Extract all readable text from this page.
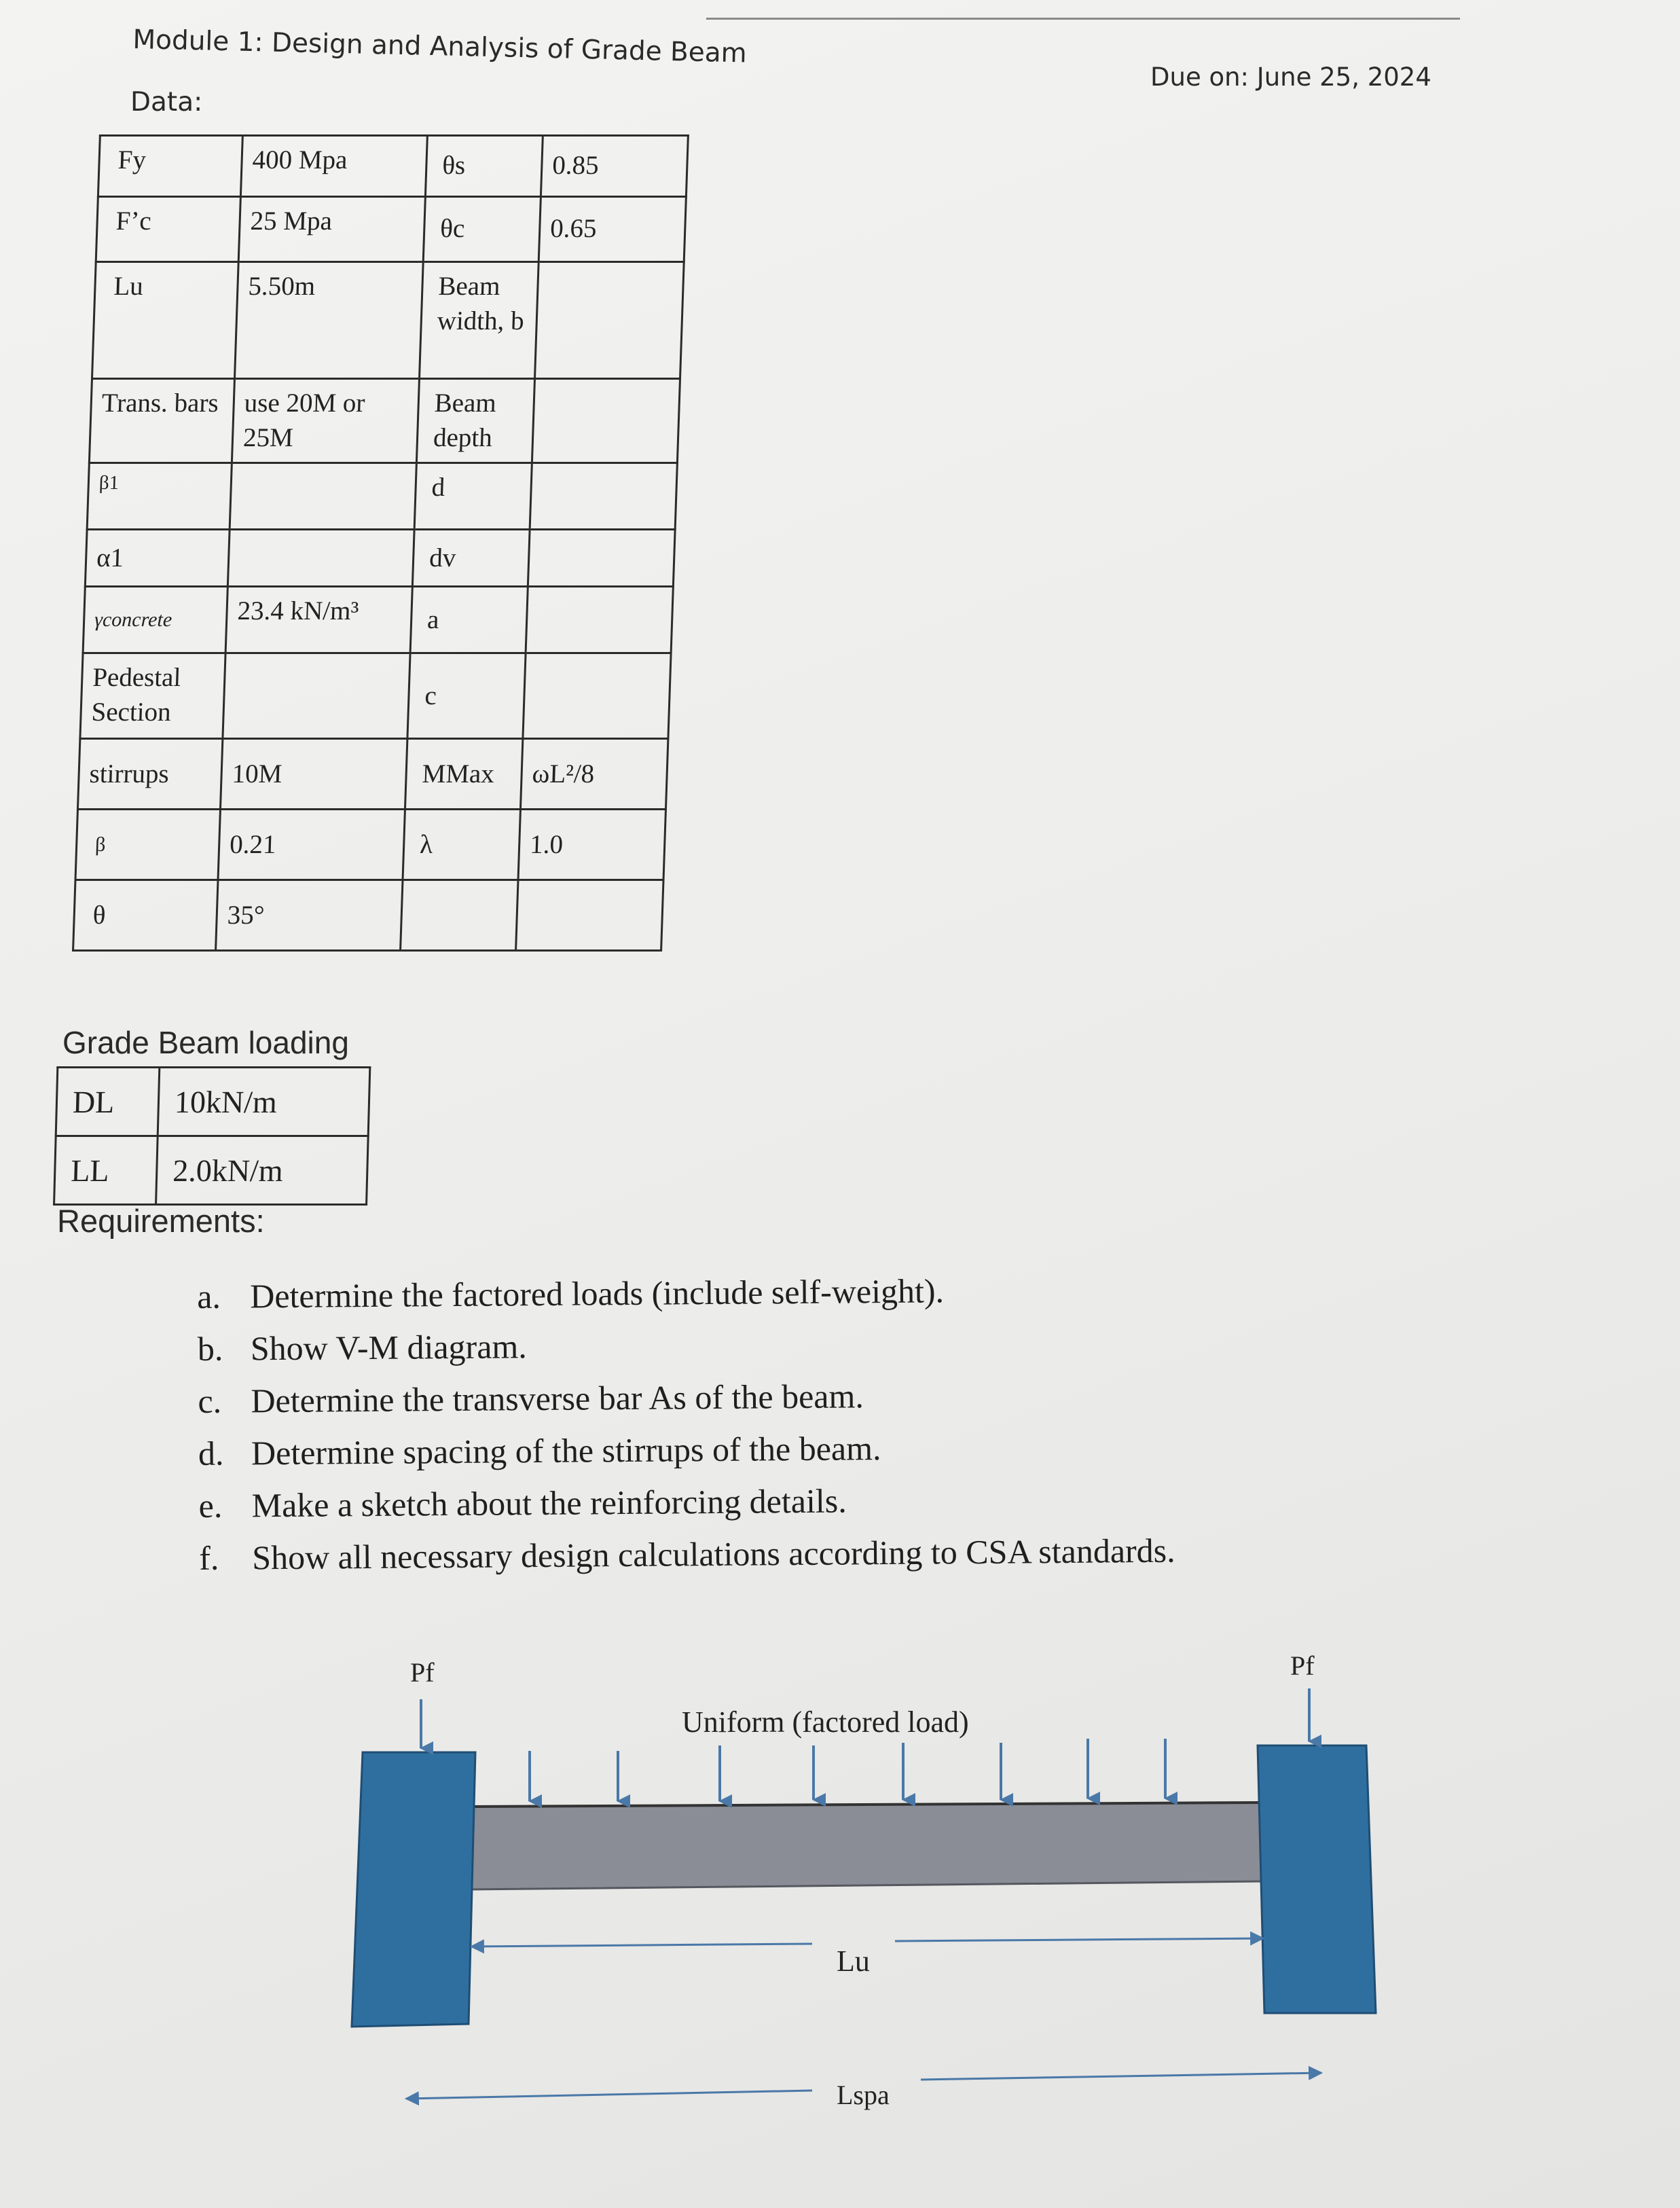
Module 1: Design and Analysis of Grade Beam
Due on: June 25, 2024
Data:
Fy	400 Mpa	θs	0.85
F’c	25 Mpa	θc	0.65
Lu	5.50m	Beam width, b	
Trans. bars	use 20M or 25M	Beam depth	
β1		d	
α1		dv	
γconcrete	23.4 kN/m³	a	
Pedestal Section		c	
stirrups	10M	MMax	ωL²/8
β	0.21	λ	1.0
θ	35°		
Grade Beam loading
DL	10kN/m
LL	2.0kN/m
Requirements:
a. Determine the factored loads (include self-weight).
b. Show V-M diagram.
c. Determine the transverse bar As of the beam.
d. Determine spacing of the stirrups of the beam.
e. Make a sketch about the reinforcing details.
f. Show all necessary design calculations according to CSA standards.
Pf	Pf
Uniform (factored load)
Lu
Lspa
